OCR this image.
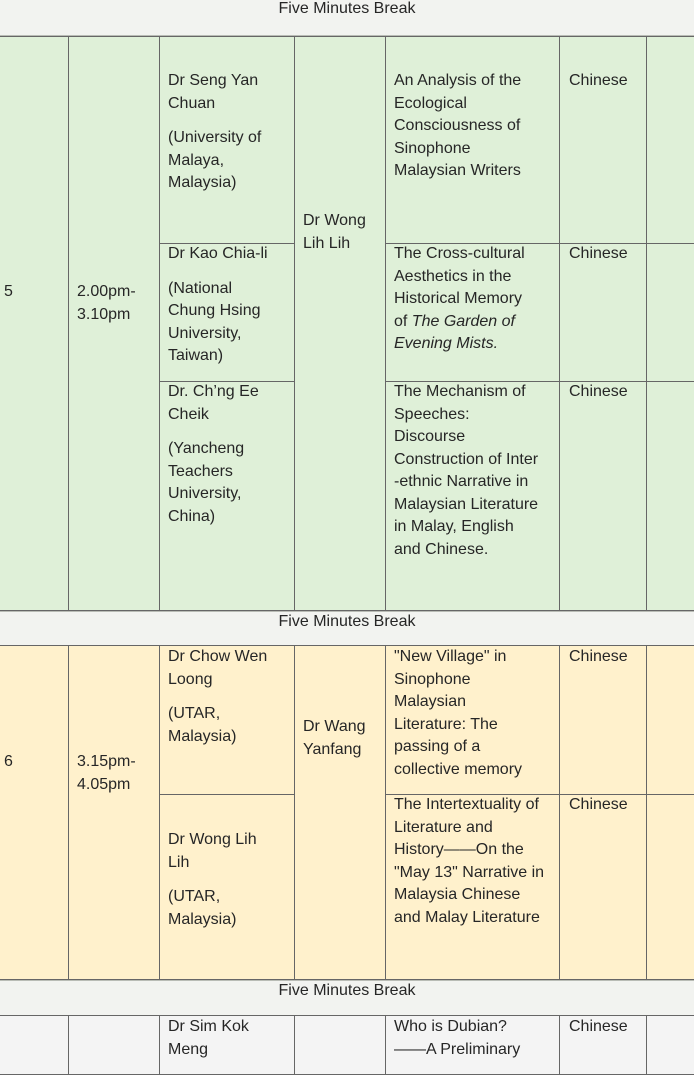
Five Minutes Break
5	2.00pm-
3.10pm
Dr Wong
Lih Lih
Dr Seng Yan
Chuan
(University of
Malaya,
Malaysia)
An Analysis of the
Ecological
Consciousness of
Sinophone
Malaysian Writers
Chinese
Dr Kao Chia-li
(National
Chung Hsing
University,
Taiwan)
The Cross-cultural
Aesthetics in the
Historical Memory
of The Garden of
Evening Mists.
Chinese
Dr. Ch’ng Ee
Cheik
(Yancheng
Teachers
University,
China)
The Mechanism of
Speeches:
Discourse
Construction of Inter
-ethnic Narrative in
Malaysian Literature
in Malay, English
and Chinese.
Chinese
Five Minutes Break
6	3.15pm-
4.05pm
Dr Wang
Yanfang
Dr Chow Wen
Loong
(UTAR,
Malaysia)
"New Village" in
Sinophone
Malaysian
Literature: The
passing of a
collective memory
Chinese
Dr Wong Lih
Lih
(UTAR,
Malaysia)
The Intertextuality of
Literature and
History——On the
"May 13" Narrative in
Malaysia Chinese
and Malay Literature
Chinese
Five Minutes Break
Dr Sim Kok
Meng
Who is Dubian?
——A Preliminary
Chinese
